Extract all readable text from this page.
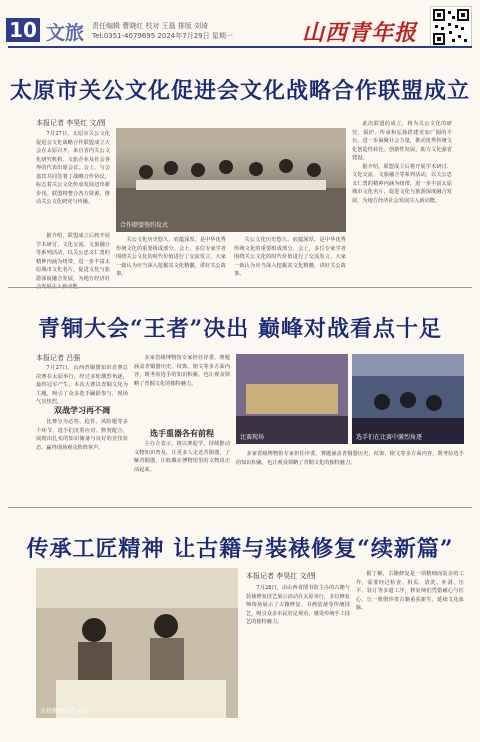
10 文旅 责任编辑 曹晓红 校对 王磊 排版 刘琦
Tel:0351-4079695 2024年7月29日 星期一	山西青年报
太原市关公文化促进会文化战略合作联盟成立
本报记者 李昊红 文/图

7月27日，太原市关公文化促进会文化战略合作联盟成立大会在太原召开，来自省内关公文化研究机构、文旅企业及社会各界的代表出席会议。会上，与会嘉宾共同签署了战略合作协议，标志着关公文化传承发展迈出新步伐。联盟将整合各方资源，推动关公文化研究与传播。

合作联盟签约仪式

据介绍，联盟成立后将开展学术研讨、文化交流、文旅融合等系列活动，以关公忠义仁勇的精神内涵为纽带，进一步丰富太原城市文化名片，促进文化与旅游深度融合发展，为地方经济社

关公文化历史悠久、底蕴深厚，是中华优秀传统文化的重要组成部分。会上，多位专家学者围绕关公文化的时代价值进行了交流发言，大家一致认为应当深入挖掘其文化精髓，讲好关公故事。

关公文化历史悠久、底蕴深厚，是中华优秀传统文化的重要组成部分。会上，多位专家学者围绕关公文化的时代价值进行了交流发言，大家一致认为应当深入挖掘其文化精髓，讲好关公故事。

此次联盟的成立，将为关公文化的研究、保护、传承和弘扬搭建更加广阔的平台，进一步凝聚社会力量，推动优秀传统文化创造性转化、创新性发展，助力文化强省建设。

据介绍，联盟成立后将开展学术研讨、文化交流、文旅融合等系列活动，以关公忠义仁勇的精神内涵为纽带，进一步丰富太原城市文化名片，促进文化与旅游深度融合发展，为地方经济社会发展注入新动能。

青铜大会“王者”决出 巅峰对战看点十足
本报记者 吕强

7月27日，山西青铜器知识竞赛总决赛在太原举行，经过多轮激烈角逐，最终冠军产生。本次大赛以青铜文化为主题，吸引了众多选手踊跃参与，现场气氛热烈。

双战学习再不凋

比赛分为必答、抢答、风险题等多个环节，选手们沉着应对、默契配合，展现出扎实的知识储备与良好的竞技状态，赢得现场观众阵阵掌声。

多家省级博物馆专家担任评委，赛题涵盖青铜器历史、纹饰、铭文等多方面内容，既考验选手的知识积累，也让观众领略了青铜文化的独特魅力。

选手重器各有前程

主办方表示，将以赛促学，持续推动文物知识普及，让更多人走近青铜器、了解青铜器，让收藏在博物馆里的文物真正活起来。

比赛现场	选手们在比赛中激烈角逐

多家省级博物馆专家担任评委，赛题涵盖青铜器历史、纹饰、铭文等多方面内容，既考验选手的知识积累，也让观众领略了青铜文化的独特魅力。

传承工匠精神 让古籍与装裱修复“续新篇”
古籍修复技艺展示
本报记者 李昊红 文/图

7月28日，由山西省图书馆主办的古籍与装裱修复技艺展示活动在太原举行，多位修复师现场展示了古籍修复、书画装裱等传统技艺，吸引众多市民驻足观看，感受传统手工技艺的独特魅力。

据了解，古籍修复是一项精细而复杂的工作，需要经过检查、拆页、清洗、补洞、压平、装订等多道工序，修复师们凭借耐心与匠心，让一册册珍贵古籍重获新生，延续文化血脉。
